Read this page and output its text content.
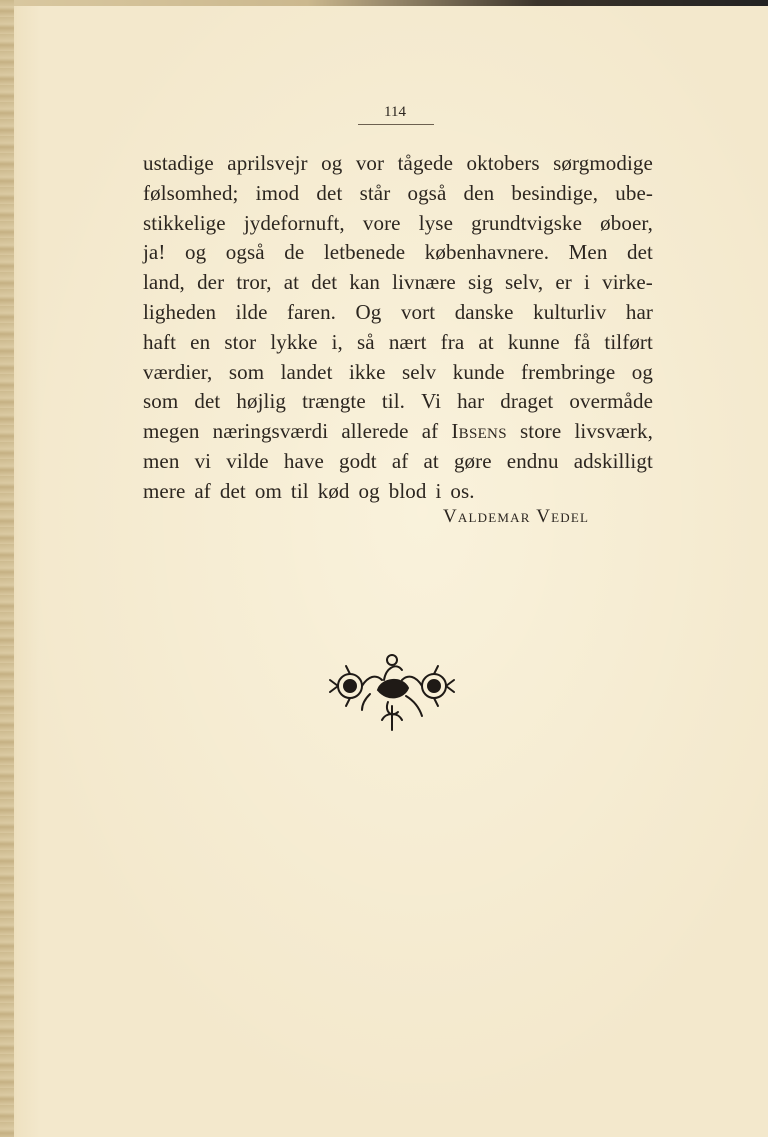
114
ustadige aprilsvejr og vor tågede oktobers sørgmodige
følsomhed; imod det står også den besindige, ube-
stikkelige jydefornuft, vore lyse grundtvigske øboer,
ja! og også de letbenede københavnere. Men det
land, der tror, at det kan livnære sig selv, er i virke-
ligheden ilde faren. Og vort danske kulturliv har
haft en stor lykke i, så nært fra at kunne få tilført
værdier, som landet ikke selv kunde frembringe og
som det højlig trængte til. Vi har draget overmåde
megen næringsværdi allerede af Ibsens store livsværk,
men vi vilde have godt af at gøre endnu adskilligt
mere af det om til kød og blod i os.
Valdemar Vedel
